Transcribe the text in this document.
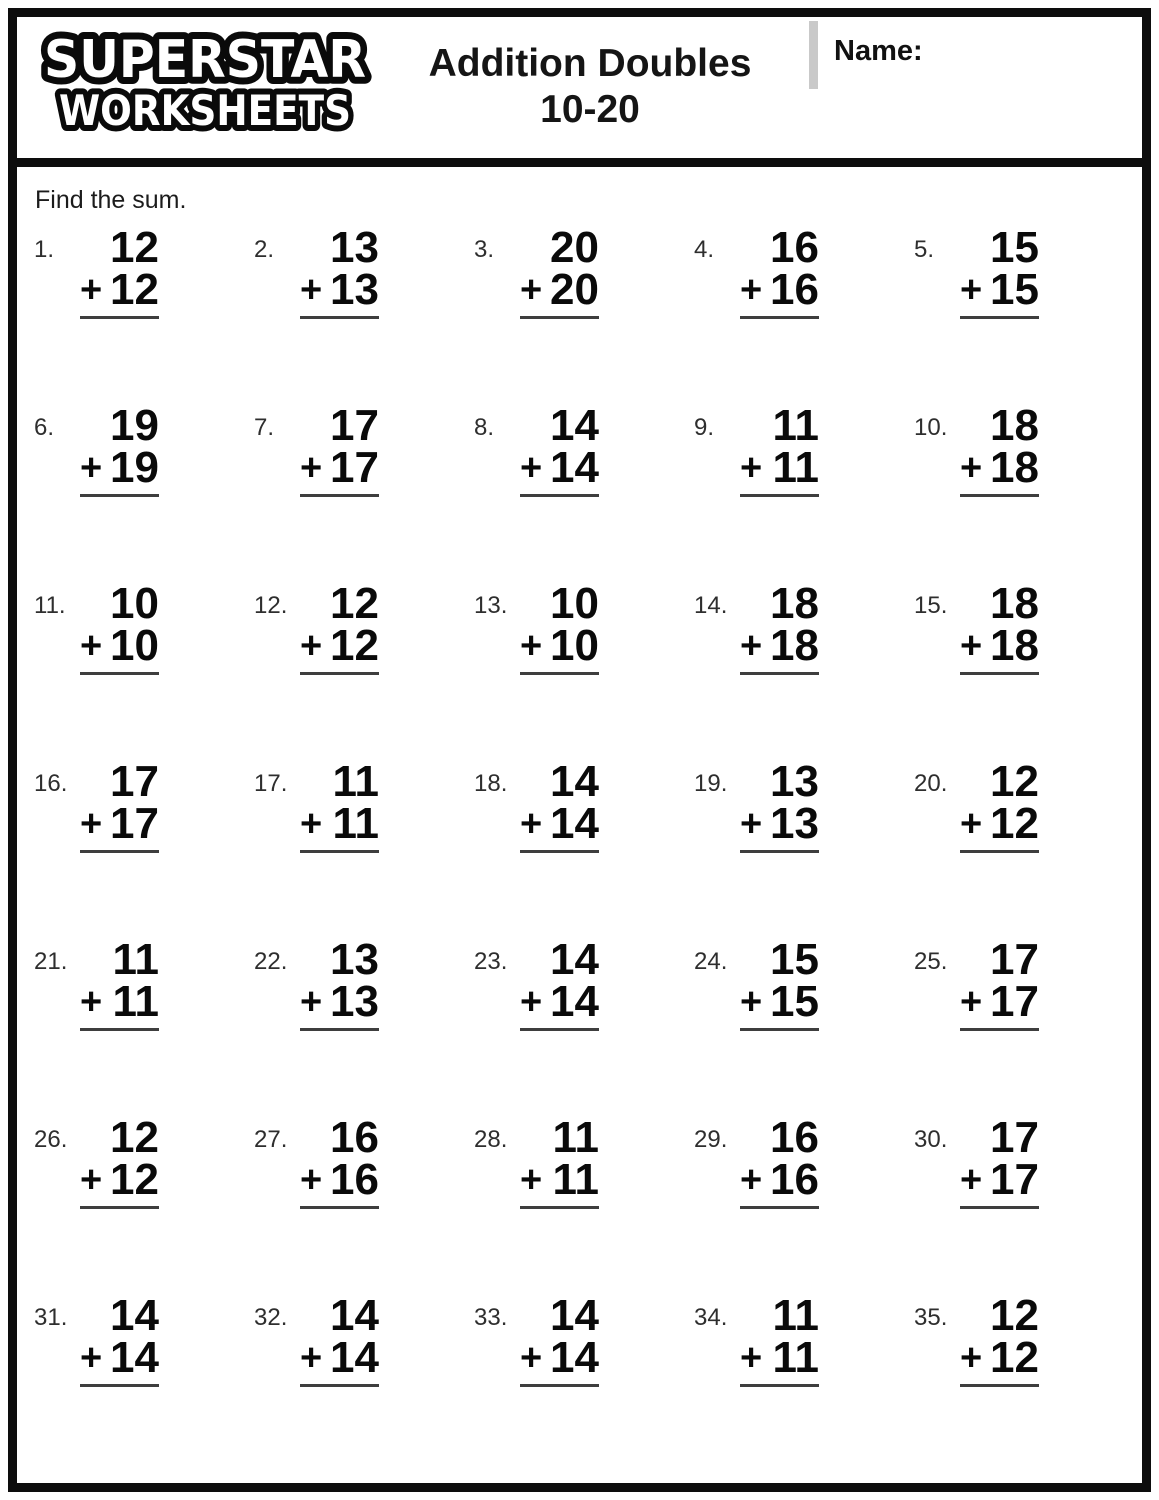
SUPERSTAR
WORKSHEETS
Addition Doubles
10-20
Name:

Find the sum.

1.	12
+ 12
2.	13
+ 13
3.	20
+ 20
4.	16
+ 16
5.	15
+ 15
6.	19
+ 19
7.	17
+ 17
8.	14
+ 14
9.	11
+ 11
10. 18
+ 18
11.	10
+ 10
12. 12
+ 12
13. 10
+ 10
14. 18
+ 18
15. 18
+ 18
16. 17
+ 17
17.	11
+ 11
18. 14
+ 14
19. 13
+ 13
20. 12
+ 12
21.	11
+ 11
22. 13
+ 13
23. 14
+ 14
24. 15
+ 15
25. 17
+ 17
26. 12
+ 12
27. 16
+ 16
28.	11
+ 11
29. 16
+ 16
30. 17
+ 17
31. 14
+ 14
32. 14
+ 14
33. 14
+ 14
34.	11
+ 11
35. 12
+ 12
